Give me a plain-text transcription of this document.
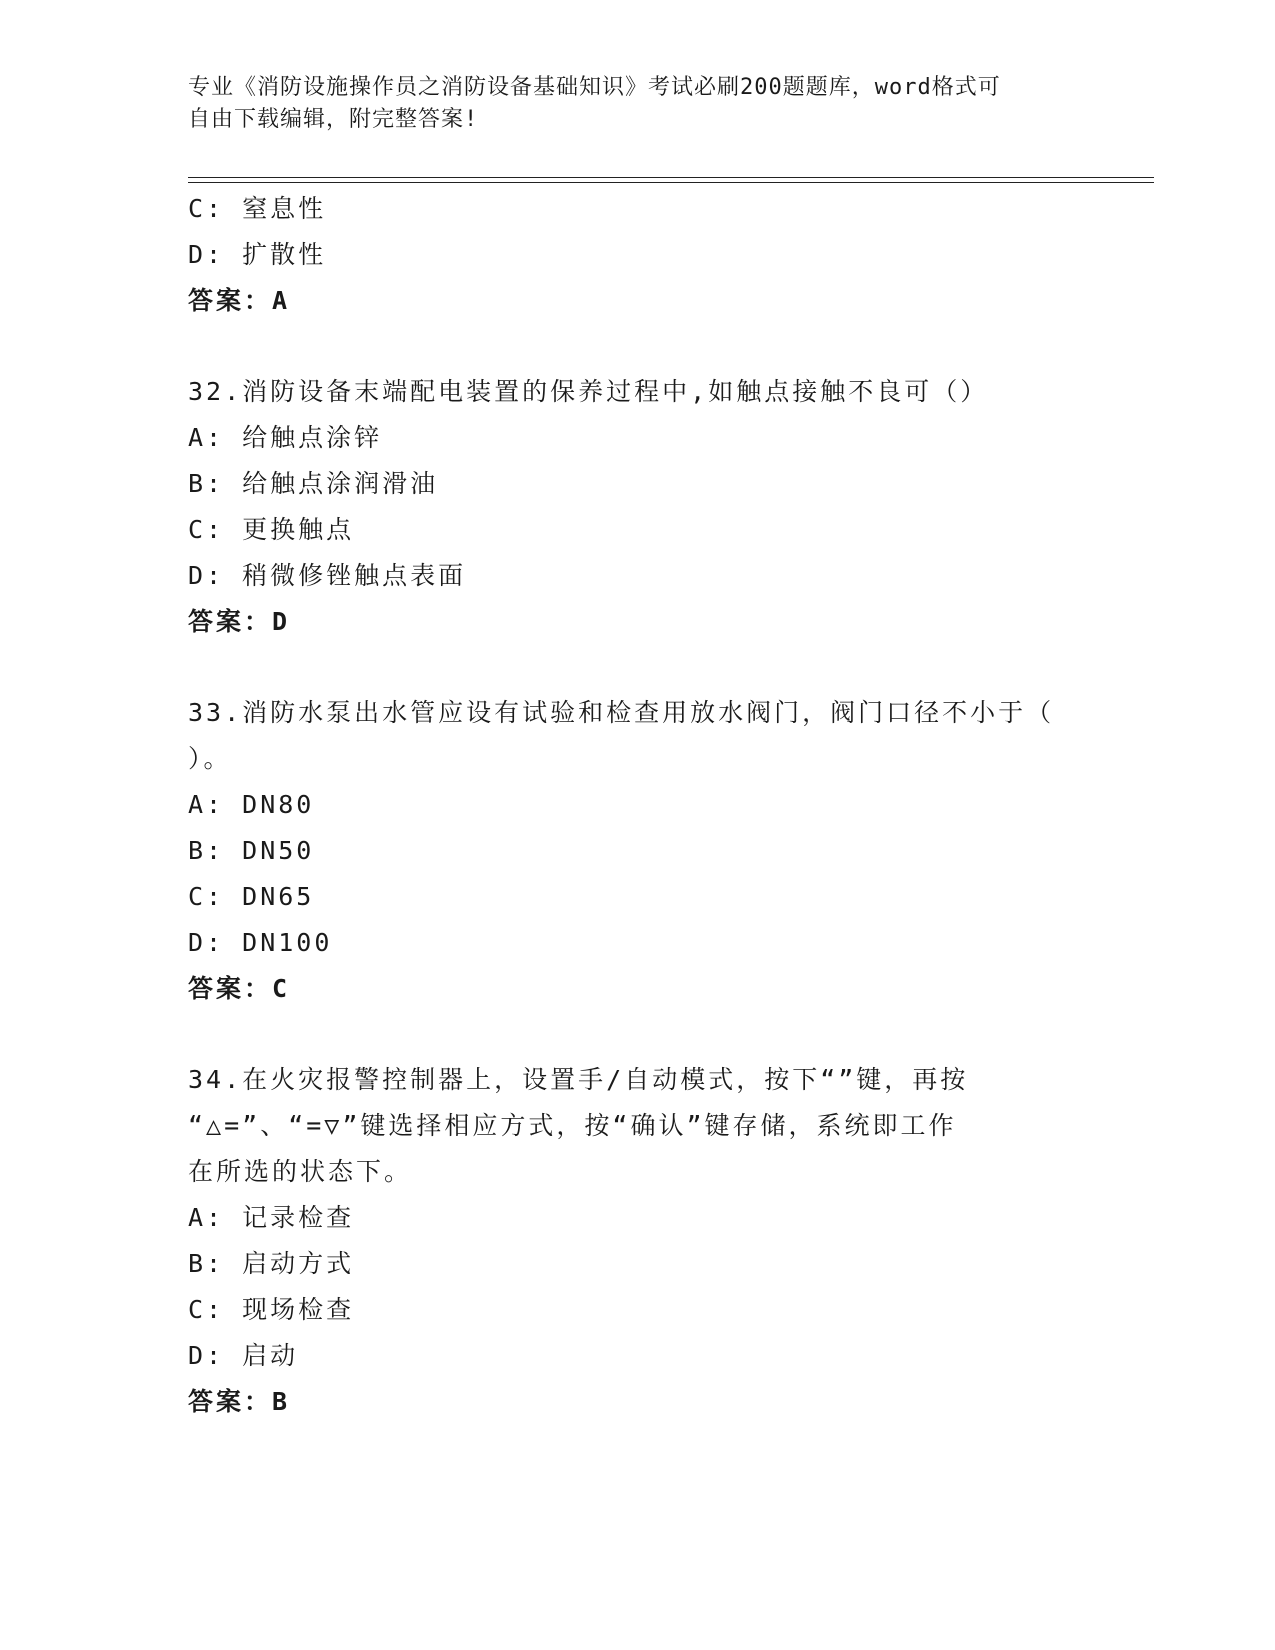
专业《消防设施操作员之消防设备基础知识》考试必刷200题题库，word格式可
自由下载编辑，附完整答案!
C: 窒息性
D: 扩散性
答案：A
32.消防设备末端配电装置的保养过程中,如触点接触不良可（）
A: 给触点涂锌
B: 给触点涂润滑油
C: 更换触点
D: 稍微修锉触点表面
答案：D
33.消防水泵出水管应设有试验和检查用放水阀门，阀门口径不小于（
）。
A: DN80
B: DN50
C: DN65
D: DN100
答案：C
34.在火灾报警控制器上，设置手/自动模式，按下“”键，再按
“△=”、“=▽”键选择相应方式，按“确认”键存储，系统即工作
在所选的状态下。
A: 记录检查
B: 启动方式
C: 现场检查
D: 启动
答案：B
